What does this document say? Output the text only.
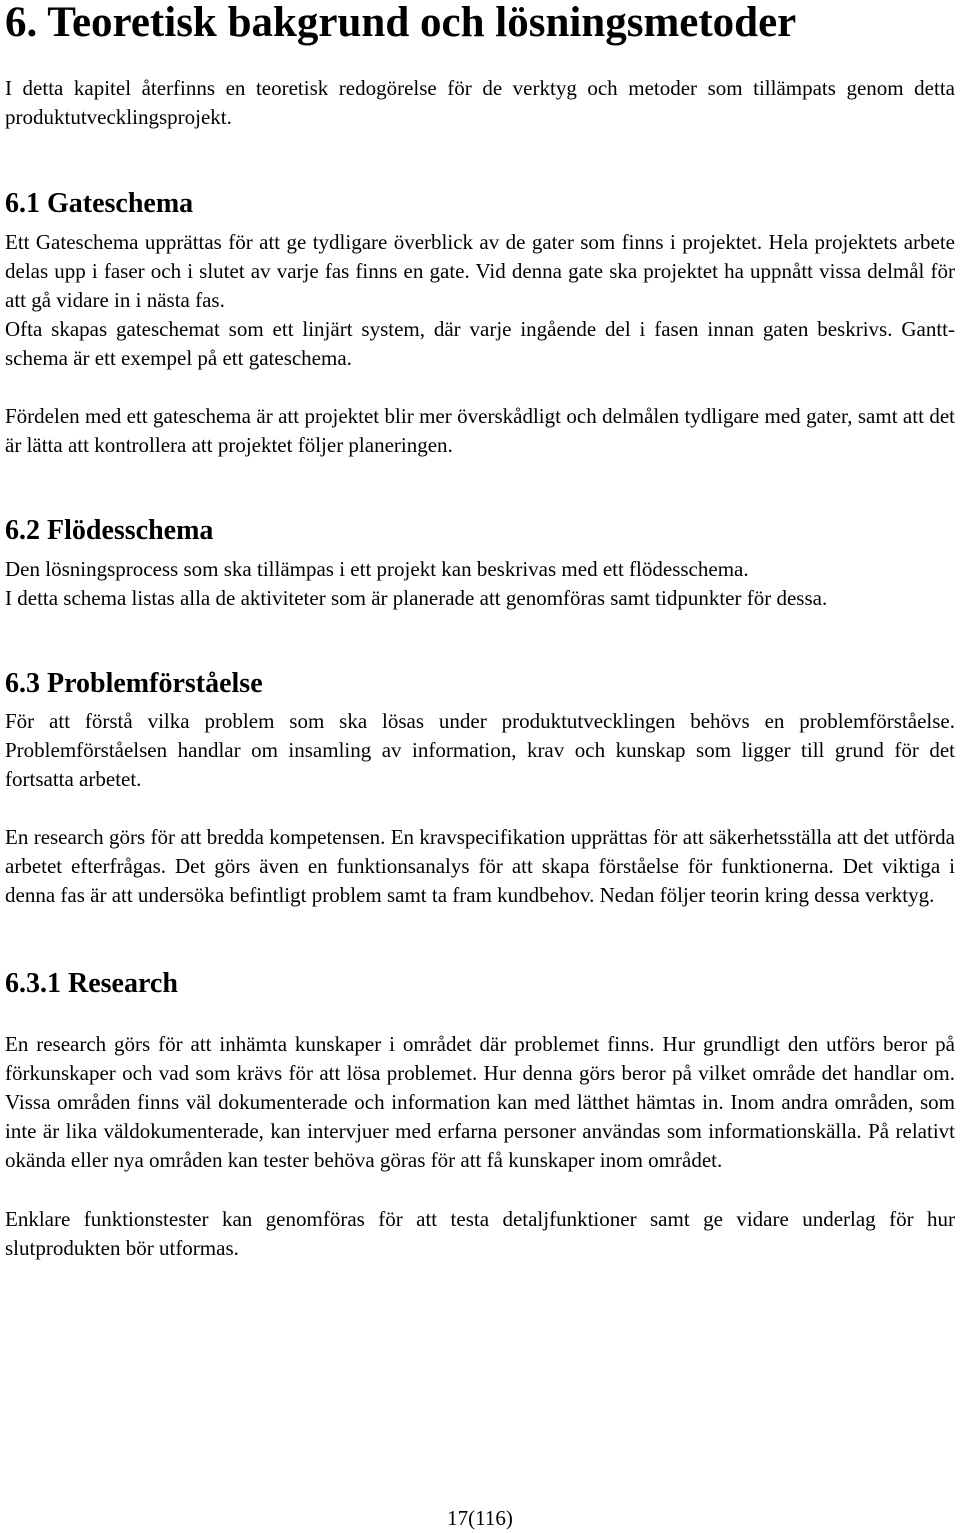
6. Teoretisk bakgrund och lösningsmetoder
I detta kapitel återfinns en teoretisk redogörelse för de verktyg och metoder som tillämpats genom detta produktutvecklingsprojekt.
6.1 Gateschema
Ett Gateschema upprättas för att ge tydligare överblick av de gater som finns i projektet. Hela projektets arbete delas upp i faser och i slutet av varje fas finns en gate. Vid denna gate ska projektet ha uppnått vissa delmål för att gå vidare in i nästa fas.
Ofta skapas gateschemat som ett linjärt system, där varje ingående del i fasen innan gaten beskrivs. Gantt-schema är ett exempel på ett gateschema.
Fördelen med ett gateschema är att projektet blir mer överskådligt och delmålen tydligare med gater, samt att det är lätta att kontrollera att projektet följer planeringen.
6.2 Flödesschema
Den lösningsprocess som ska tillämpas i ett projekt kan beskrivas med ett flödesschema.
I detta schema listas alla de aktiviteter som är planerade att genomföras samt tidpunkter för dessa.
6.3 Problemförståelse
För att förstå vilka problem som ska lösas under produktutvecklingen behövs en problemförståelse. Problemförståelsen handlar om insamling av information, krav och kunskap som ligger till grund för det fortsatta arbetet.
En research görs för att bredda kompetensen. En kravspecifikation upprättas för att säkerhetsställa att det utförda arbetet efterfrågas. Det görs även en funktionsanalys för att skapa förståelse för funktionerna. Det viktiga i denna fas är att undersöka befintligt problem samt ta fram kundbehov. Nedan följer teorin kring dessa verktyg.
6.3.1 Research
En research görs för att inhämta kunskaper i området där problemet finns. Hur grundligt den utförs beror på förkunskaper och vad som krävs för att lösa problemet. Hur denna görs beror på vilket område det handlar om. Vissa områden finns väl dokumenterade och information kan med lätthet hämtas in. Inom andra områden, som inte är lika väldokumenterade, kan intervjuer med erfarna personer användas som informationskälla. På relativt okända eller nya områden kan tester behöva göras för att få kunskaper inom området.
Enklare funktionstester kan genomföras för att testa detaljfunktioner samt ge vidare underlag för hur slutprodukten bör utformas.
17(116)
